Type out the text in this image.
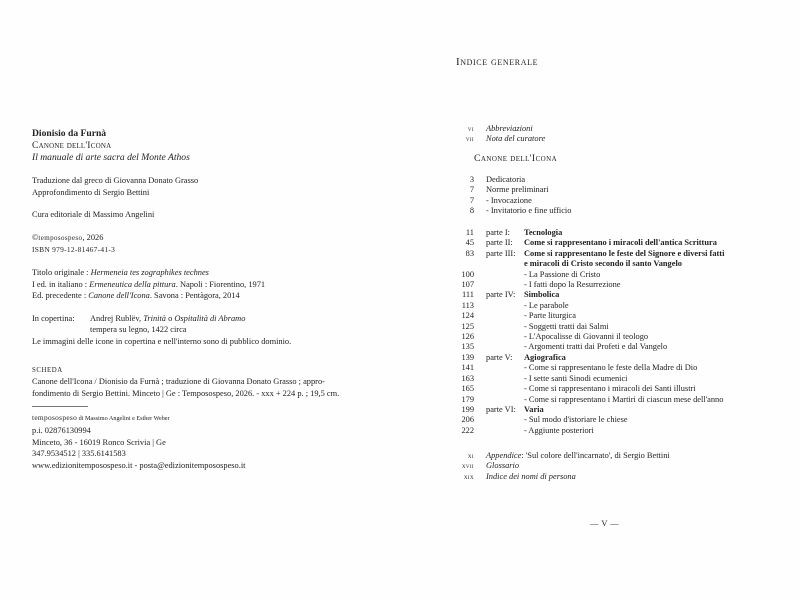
Dionisio da Furnà

Canone dell'Icona

Il manuale di arte sacra del Monte Athos

Traduzione dal greco di Giovanna Donato Grasso

Approfondimento di Sergio Bettini

Cura editoriale di Massimo Angelini

©temposospeso, 2026

ISBN 979-12-81467-41-3

Titolo originale : Hermeneia tes zographikes technes

I ed. in italiano : Ermeneutica della pittura. Napoli : Fiorentino, 1971

Ed. precedente : Canone dell'Icona. Savona : Pentàgora, 2014

In copertina:	Andrej Rublëv, Trinità o Ospitalità di Abramo

tempera su legno, 1422 circa

Le immagini delle icone in copertina e nell'interno sono di pubblico dominio.

SCHEDA

Canone dell'Icona / Dionisio da Furnà ; traduzione di Giovanna Donato Grasso ; appro-

fondimento di Sergio Bettini. Minceto | Ge : Temposospeso, 2026. - xxx + 224 p. ; 19,5 cm.

temposospeso di Massimo Angelini e Esther Weber

p.i. 02876130994

Minceto, 36 - 16019 Ronco Scrivia | Ge

347.9534512 | 335.6141583

www.edizionitemposospeso.it - posta@edizionitemposospeso.it

Indice generale
vi Abbreviazioni
vii Nota del curatore
Canone dell'Icona
3 Dedicatoria
7 Norme preliminari
7 - Invocazione
8 - Invitatorio e fine ufficio
11 parte I:	Tecnologia
45 parte II:	Come si rappresentano i miracoli dell'antica Scrittura
83 parte III:	Come si rappresentano le feste del Signore e diversi fatti
e miracoli di Cristo secondo il santo Vangelo
100	- La Passione di Cristo
107	- I fatti dopo la Resurrezione
111 parte IV:	Simbolica
113	- Le parabole
124	- Parte liturgica
125	- Soggetti tratti dai Salmi
126	- L'Apocalisse di Giovanni il teologo
135	- Argomenti tratti dai Profeti e dal Vangelo
139 parte V:	Agiografica
141	- Come si rappresentano le feste della Madre di Dio
163	- I sette santi Sinodi ecumenici
165	- Come si rappresentano i miracoli dei Santi illustri
179	- Come si rappresentano i Martiri di ciascun mese dell'anno
199 parte VI: Varia
206	- Sul modo d'istoriare le chiese
222	- Aggiunte posteriori
xi Appendice: 'Sul colore dell'incarnato', di Sergio Bettini
xvii Glossario
xix Indice dei nomi di persona
— V —
